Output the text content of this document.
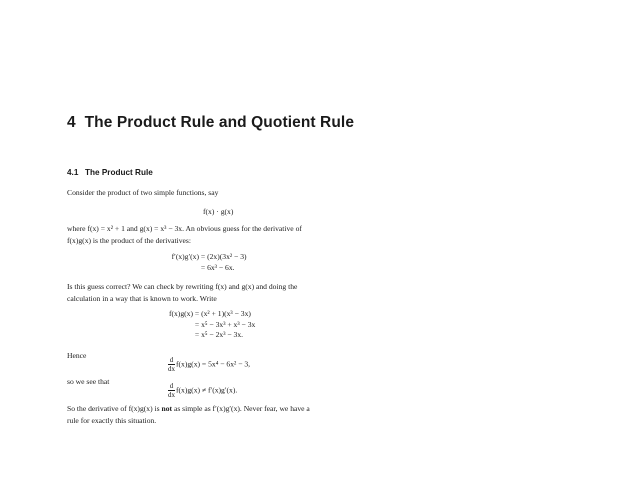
4 The Product Rule and Quotient Rule
4.1 The Product Rule
Consider the product of two simple functions, say
f(x) · g(x)
where f(x) = x² + 1 and g(x) = x³ − 3x. An obvious guess for the derivative of
f(x)g(x) is the product of the derivatives:
f′(x)g′(x)
= (2x)(3x² − 3)

= 6x³ − 6x.
Is this guess correct? We can check by rewriting f(x) and g(x) and doing the
calculation in a way that is known to work. Write
f(x)g(x)
= (x² + 1)(x³ − 3x)

= x⁵ − 3x³ + x³ − 3x

= x⁵ − 2x³ − 3x.
Hence
$\frac{d}{dx} f(x)g(x) = 5x^4 - 6x^2 - 3$,
so we see that
$\frac{d}{dx} f(x)g(x) \ne f'(x)g'(x)$.
So the derivative of f(x)g(x) is not as simple as f′(x)g′(x). Never fear, we have a
rule for exactly this situation.
